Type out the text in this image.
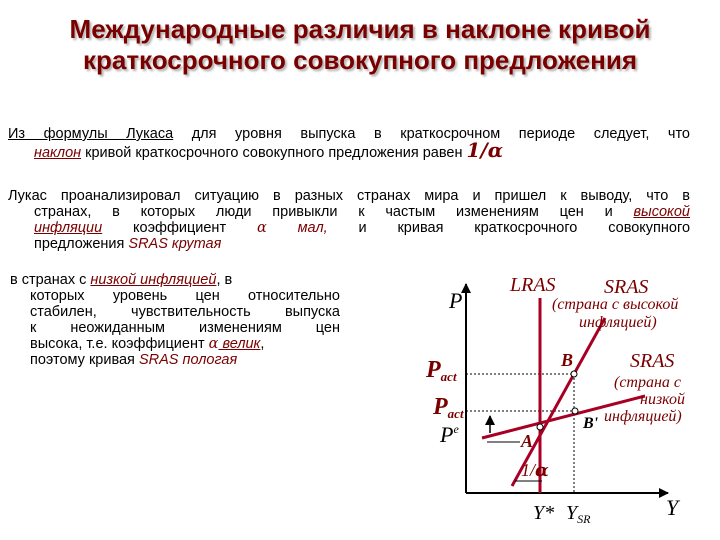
Международные различия в наклоне кривой
краткосрочного совокупного предложения
Из формулы Лукаса для уровня выпуска в краткосрочном периоде следует, что
наклон кривой краткосрочного совокупного предложения равен 1/α
Лукас проанализировал ситуацию в разных странах мира и пришел к выводу, что в
странах, в которых люди привыкли к частым изменениям цен и высокой
инфляции коэффициент α мал, и кривая краткосрочного совокупного
предложения SRAS крутая
в странах с низкой инфляцией, в
которых уровень цен относительно
стабилен, чувствительность выпуска
к неожиданным изменениям цен
высока, т.е. коэффициент α велик,
поэтому кривая SRAS пологая
P
Y
Pact
Pact
$P^e$
LRAS SRAS
(страна с высокой
инфляцией)
SRAS
(страна с
низкой
инфляцией)
A
B
B'
1/α
Y* $Y_{SR}$
